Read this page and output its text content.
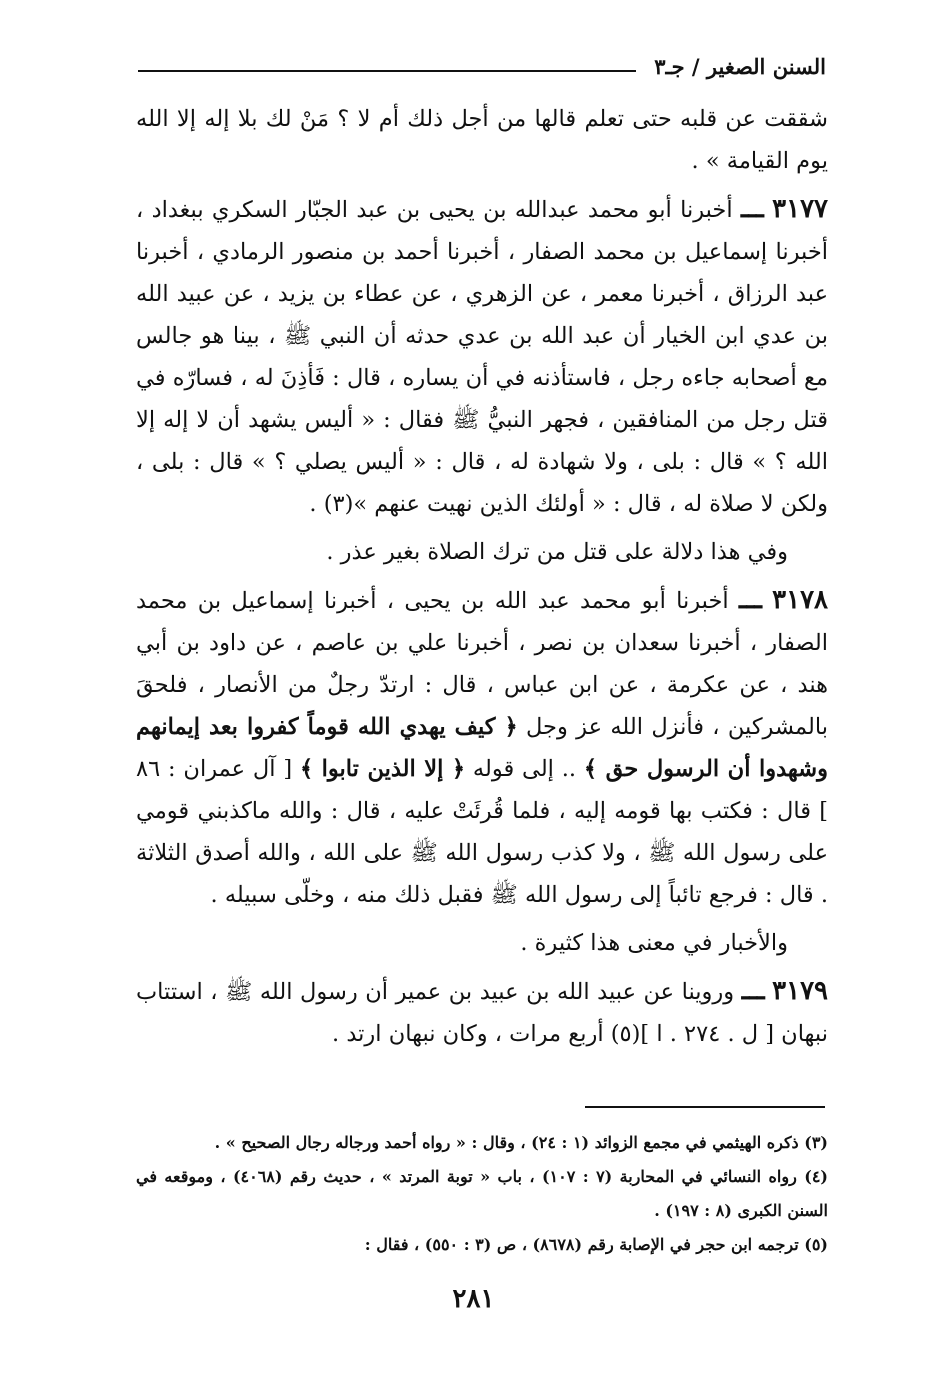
السنن الصغير / جـ٣

شققت عن قلبه حتى تعلم قالها من أجل ذلك أم لا ؟ مَنْ لك بلا إله إلا الله يوم القيامة » .

٣١٧٧ ـــ أخبرنا أبو محمد عبدالله بن يحيى بن عبد الجبّار السكري ببغداد ، أخبرنا إسماعيل بن محمد الصفار ، أخبرنا أحمد بن منصور الرمادي ، أخبرنا عبد الرزاق ، أخبرنا معمر ، عن الزهري ، عن عطاء بن يزيد ، عن عبيد الله بن عدي ابن الخيار أن عبد الله بن عدي حدثه أن النبي ﷺ ، بينا هو جالس مع أصحابه جاءه رجل ، فاستأذنه في أن يساره ، قال : فَأذِنَ له ، فسارّه في قتل رجل من المنافقين ، فجهر النبيُّ ﷺ فقال : « أليس يشهد أن لا إله إلا الله ؟ » قال : بلى ، ولا شهادة له ، قال : « أليس يصلي ؟ » قال : بلى ، ولكن لا صلاة له ، قال : « أولئك الذين نهيت عنهم »(٣) .

وفي هذا دلالة على قتل من ترك الصلاة بغير عذر .

٣١٧٨ ـــ أخبرنا أبو محمد عبد الله بن يحيى ، أخبرنا إسماعيل بن محمد الصفار ، أخبرنا سعدان بن نصر ، أخبرنا علي بن عاصم ، عن داود بن أبي هند ، عن عكرمة ، عن ابن عباس ، قال : ارتدّ رجلٌ من الأنصار ، فلحقَ بالمشركين ، فأنزل الله عز وجل ﴿ كيف يهدي الله قوماً كفروا بعد إيمانهم وشهدوا أن الرسول حق ﴾ .. إلى قوله ﴿ إلا الذين تابوا ﴾ [ آل عمران : ٨٦ ] قال : فكتب بها قومه إليه ، فلما قُرئَتْ عليه ، قال : والله ماكذبني قومي على رسول الله ﷺ ، ولا كذب رسول الله ﷺ على الله ، والله أصدق الثلاثة . قال : فرجع تائباً إلى رسول الله ﷺ فقبل ذلك منه ، وخلّى سبيله .

والأخبار في معنى هذا كثيرة .

٣١٧٩ ـــ وروينا عن عبيد الله بن عبيد بن عمير أن رسول الله ﷺ ، استتاب نبهان [ ل . ٢٧٤ . ا ](٥) أربع مرات ، وكان نبهان ارتد .

(٣) ذكره الهيثمي في مجمع الزوائد (١ : ٢٤) ، وقال : « رواه أحمد ورجاله رجال الصحيح » .

(٤) رواه النسائي في المحاربة (٧ : ١٠٧) ، باب « توبة المرتد » ، حديث رقم (٤٠٦٨) ، وموقعه في السنن الكبرى (٨ : ١٩٧) .

(٥) ترجمه ابن حجر في الإصابة رقم (٨٦٧٨) ، ص (٣ : ٥٥٠) ، فقال :

٢٨١
